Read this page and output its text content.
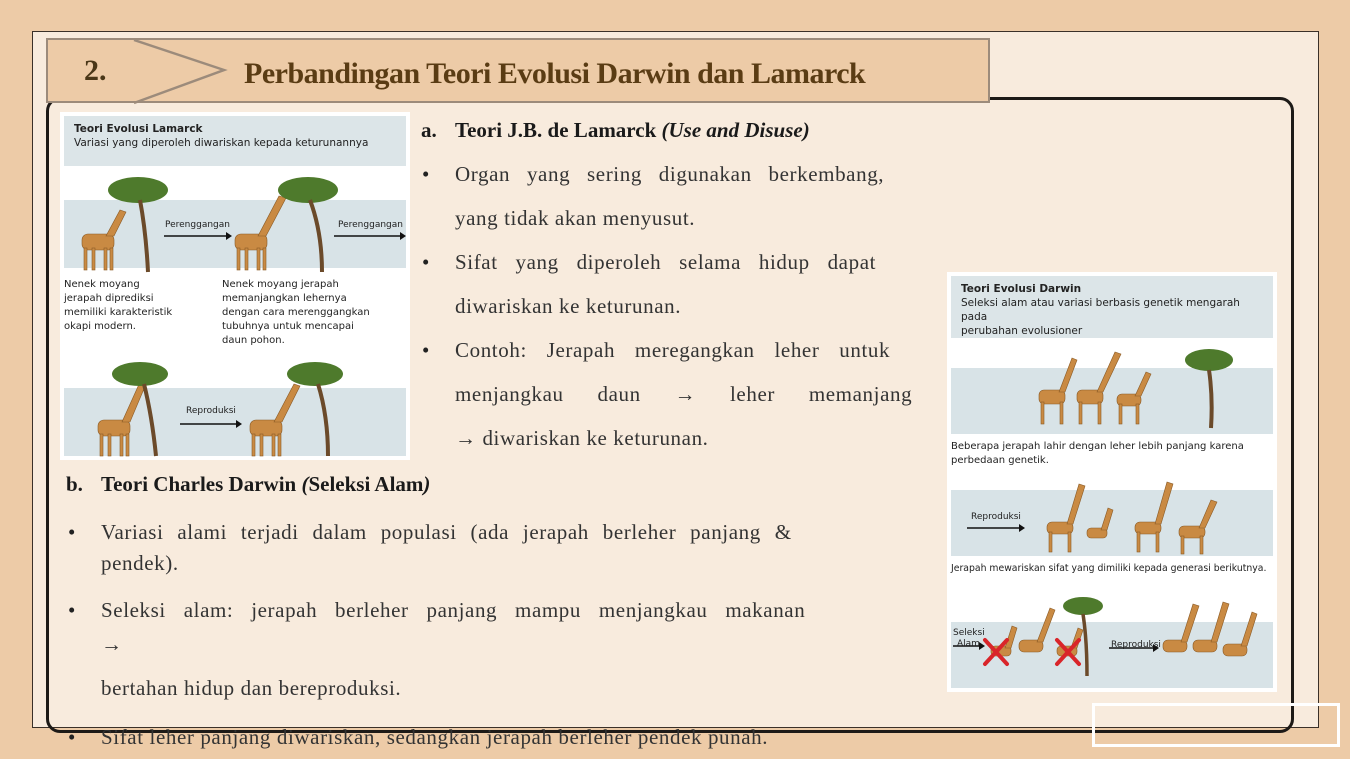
2.	Perbandingan Teori Evolusi Darwin dan Lamarck
Teori Evolusi Lamarck
Variasi yang diperoleh diwariskan kepada keturunannya
Perenggangan	Perenggangan
Nenek moyang
jerapah diprediksi
memiliki karakteristik
okapi modern.
Nenek moyang jerapah
memanjangkan lehernya
dengan cara merenggangkan
tubuhnya untuk mencapai
daun pohon.
Reproduksi
a. Teori J.B. de Lamarck (Use and Disuse)
• Organ yang sering digunakan berkembang,
yang tidak akan menyusut.
• Sifat yang diperoleh selama hidup dapat
diwariskan ke keturunan.
• Contoh: Jerapah meregangkan leher untuk
menjangkau daun → leher memanjang
→ diwariskan ke keturunan.
b. Teori Charles Darwin (Seleksi Alam)
• Variasi alami terjadi dalam populasi (ada jerapah berleher panjang &
pendek).
• Seleksi alam: jerapah berleher panjang mampu menjangkau makanan
→
bertahan hidup dan bereproduksi.
• Sifat leher panjang diwariskan, sedangkan jerapah berleher pendek punah.
Teori Evolusi Darwin
Seleksi alam atau variasi berbasis genetik mengarah pada
perubahan evolusioner
Beberapa jerapah lahir dengan leher lebih panjang karena
perbedaan genetik.
Reproduksi
Jerapah mewariskan sifat yang dimiliki kepada generasi berikutnya.
Seleksi
Alam	Reproduksi
